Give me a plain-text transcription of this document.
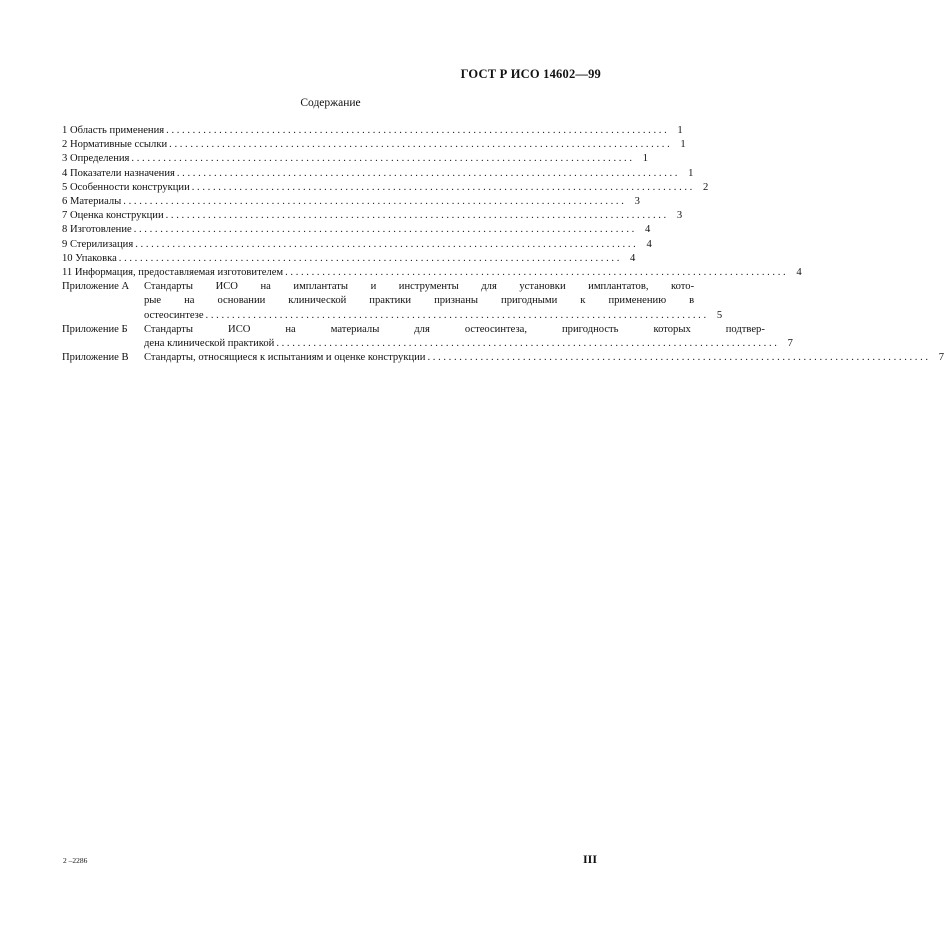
ГОСТ Р ИСО 14602—99
Содержание
1 Область применения . . .	1
2 Нормативные ссылки . . .	1
3 Определения . . .	1
4 Показатели назначения . . .	1
5 Особенности конструкции . . .	2
6 Материалы . . .	3
7 Оценка конструкции . . .	3
8 Изготовление . . .	4
9 Стерилизация . . .	4
10 Упаковка . . .	4
11 Информация, предоставляемая изготовителем . . .	4
Приложение А	Стандарты ИСО на имплантаты и инструменты для установки имплантатов, кото-
рые на основании клинической практики признаны пригодными к применению в
остеосинтезе . . .	5
Приложение Б	Стандарты ИСО на материалы для остеосинтеза, пригодность которых подтвер-
дена клинической практикой . . .	7
Приложение В	Стандарты, относящиеся к испытаниям и оценке конструкции . . .	7
2 –2286	III
